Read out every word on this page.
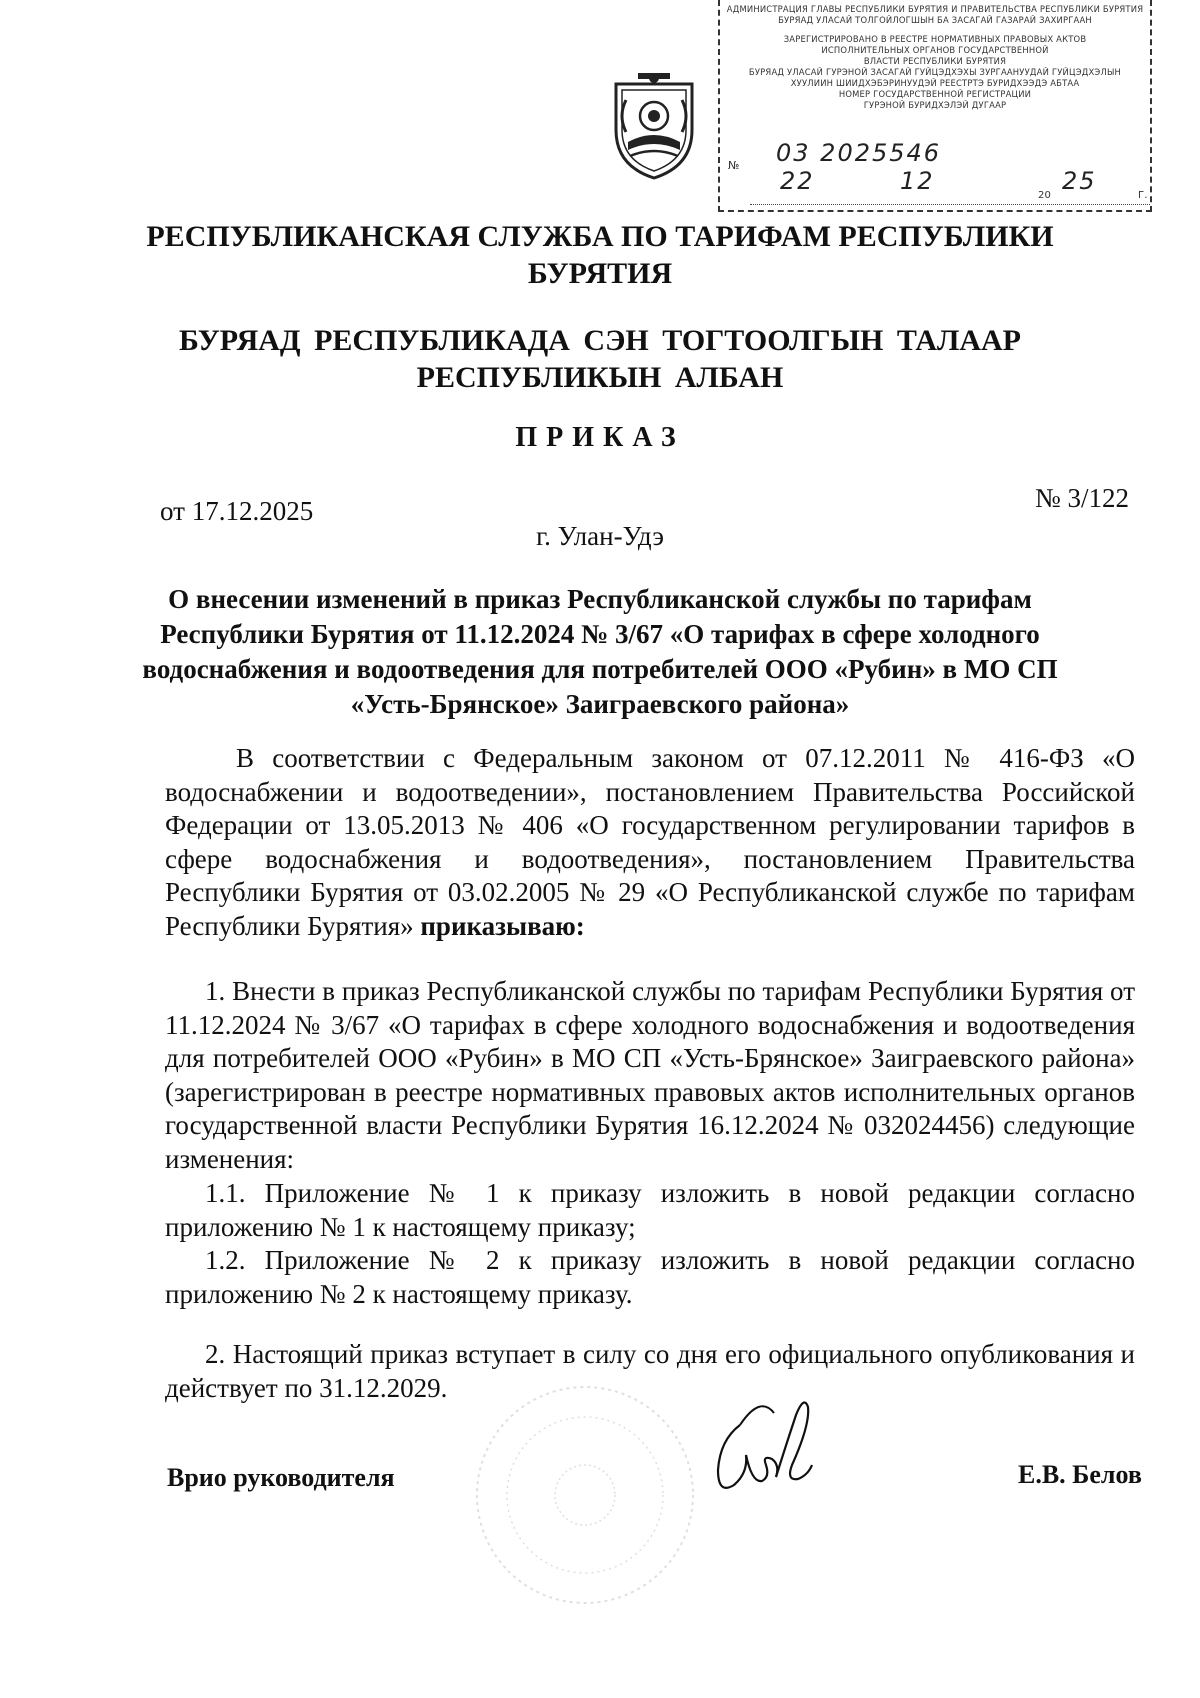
АДМИНИСТРАЦИЯ ГЛАВЫ РЕСПУБЛИКИ БУРЯТИЯ И ПРАВИТЕЛЬСТВА РЕСПУБЛИКИ БУРЯТИЯ
БУРЯАД УЛАСАЙ ТОЛГОЙЛОГШЫН БА ЗАСАГАЙ ГАЗАРАЙ ЗАХИРГААН
ЗАРЕГИСТРИРОВАНО В РЕЕСТРЕ НОРМАТИВНЫХ ПРАВОВЫХ АКТОВ
ИСПОЛНИТЕЛЬНЫХ ОРГАНОВ ГОСУДАРСТВЕННОЙ
ВЛАСТИ РЕСПУБЛИКИ БУРЯТИЯ
БУРЯАД УЛАСАЙ ГУРЭНОЙ ЗАСАГАЙ ГУЙЦЭДХЭХЫ ЗУРГААНУУДАЙ ГУЙЦЭДХЭЛЫН
ХУУЛИИН ШИИДХЭБЭРИНУУДЭЙ РЕЕСТРТЭ БУРИДХЭЭДЭ АБТАА
НОМЕР ГОСУДАРСТВЕННОЙ РЕГИСТРАЦИИ
ГУРЭНОЙ БУРИДХЭЛЭЙ ДУГААР
№ 03 2025546
22	12
20
25
Г.
РЕСПУБЛИКАНСКАЯ СЛУЖБА ПО ТАРИФАМ РЕСПУБЛИКИ
БУРЯТИЯ
БУРЯАД РЕСПУБЛИКАДА СЭН ТОГТООЛГЫН ТАЛААР
РЕСПУБЛИКЫН АЛБАН
ПРИКАЗ
от 17.12.2025	№ 3/122
г. Улан-Удэ
О внесении изменений в приказ Республиканской службы по тарифам
Республики Бурятия от 11.12.2024 № 3/67 «О тарифах в сфере холодного
водоснабжения и водоотведения для потребителей ООО «Рубин» в МО СП
«Усть-Брянское» Заиграевского района»
В соответствии с Федеральным законом от 07.12.2011 № 416-ФЗ «О водоснабжении и водоотведении», постановлением Правительства Российской Федерации от 13.05.2013 № 406 «О государственном регулировании тарифов в сфере водоснабжения и водоотведения», постановлением Правительства Республики Бурятия от 03.02.2005 № 29 «О Республиканской службе по тарифам Республики Бурятия» приказываю:
1. Внести в приказ Республиканской службы по тарифам Республики Бурятия от 11.12.2024 № 3/67 «О тарифах в сфере холодного водоснабжения и водоотведения для потребителей ООО «Рубин» в МО СП «Усть-Брянское» Заиграевского района» (зарегистрирован в реестре нормативных правовых актов исполнительных органов государственной власти Республики Бурятия 16.12.2024 № 032024456) следующие изменения:
1.1. Приложение № 1 к приказу изложить в новой редакции согласно приложению № 1 к настоящему приказу;
1.2. Приложение № 2 к приказу изложить в новой редакции согласно приложению № 2 к настоящему приказу.
2. Настоящий приказ вступает в силу со дня его официального опубликования и действует по 31.12.2029.
Врио руководителя	Е.В. Белов
